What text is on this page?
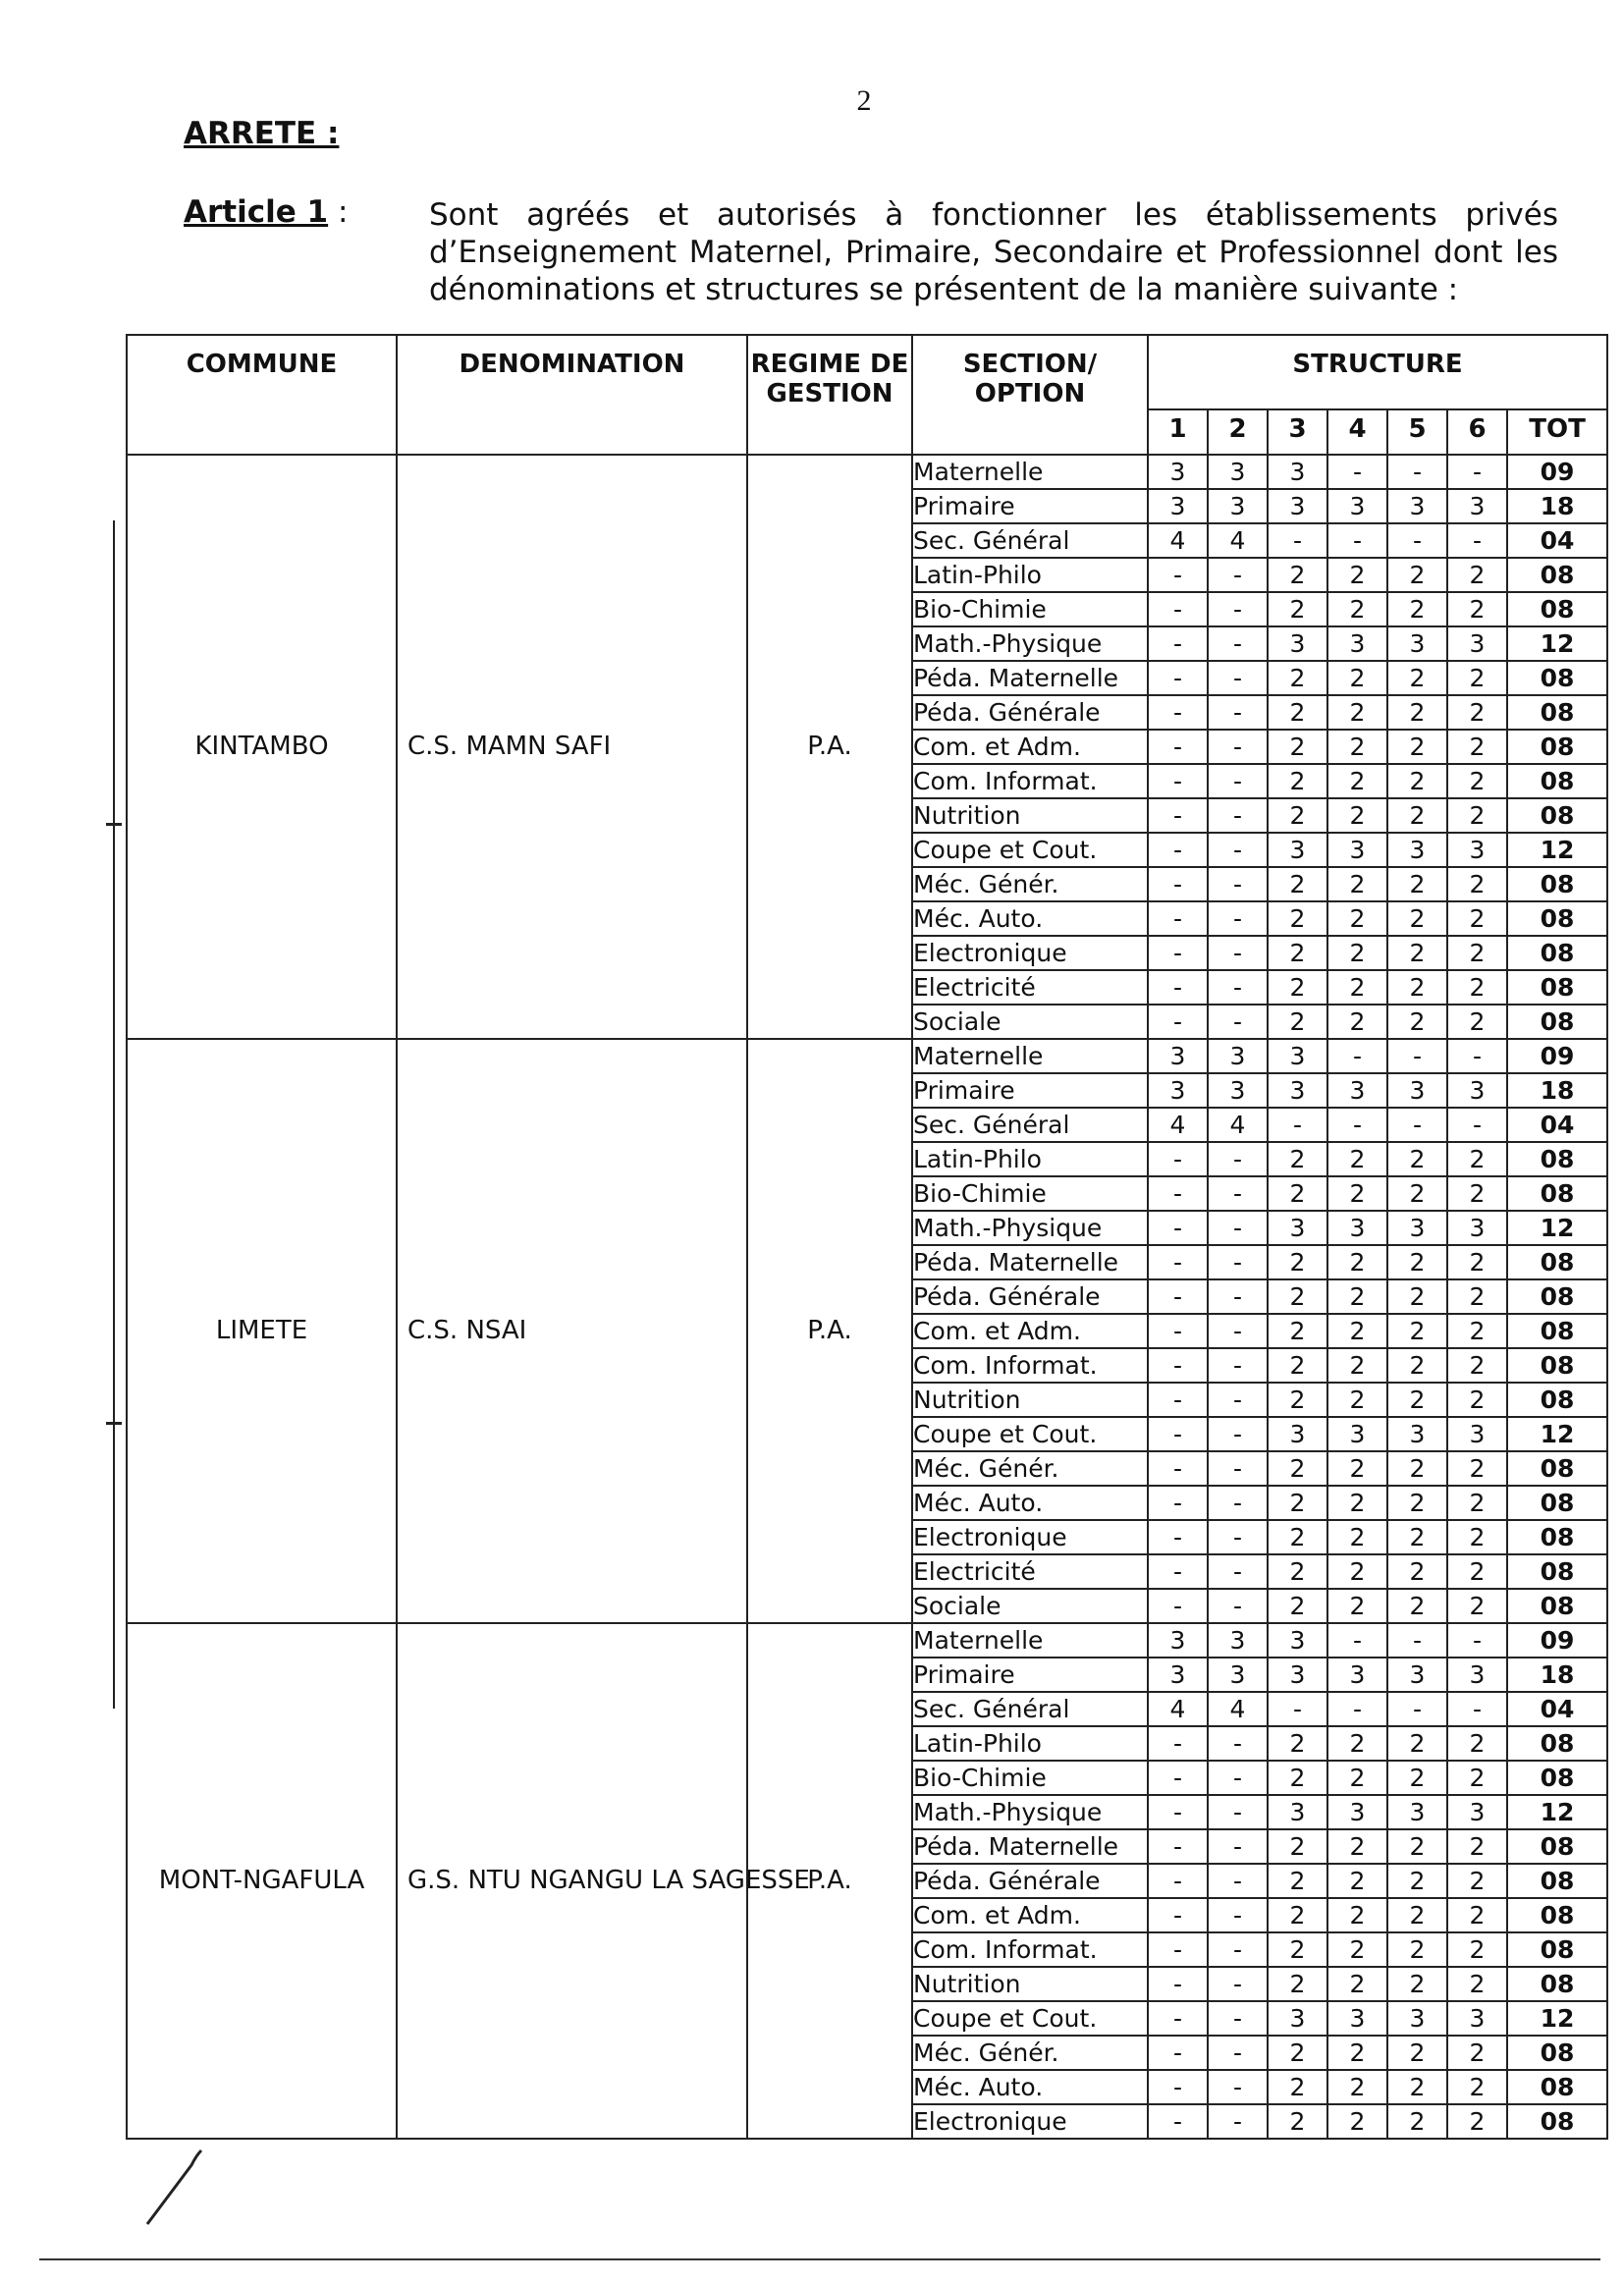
2
ARRETE :
Article 1 :	Sont agréés et autorisés à fonctionner les établissements privés d’Enseignement Maternel, Primaire, Secondaire et Professionnel dont les dénominations et structures se présentent de la manière suivante :
COMMUNE	DENOMINATION	REGIME DE GESTION	SECTION/ OPTION	STRUCTURE						
				1	2	3	4	5	6	TOT
KINTAMBO	C.S. MAMN SAFI	P.A.	Maternelle	3	3	3	-	-	-	09
			Primaire	3	3	3	3	3	3	18
			Sec. Général	4	4	-	-	-	-	04
			Latin-Philo	-	-	2	2	2	2	08
			Bio-Chimie	-	-	2	2	2	2	08
			Math.-Physique	-	-	3	3	3	3	12
			Péda. Maternelle	-	-	2	2	2	2	08
			Péda. Générale	-	-	2	2	2	2	08
			Com. et Adm.	-	-	2	2	2	2	08
			Com. Informat.	-	-	2	2	2	2	08
			Nutrition	-	-	2	2	2	2	08
			Coupe et Cout.	-	-	3	3	3	3	12
			Méc. Génér.	-	-	2	2	2	2	08
			Méc. Auto.	-	-	2	2	2	2	08
			Electronique	-	-	2	2	2	2	08
			Electricité	-	-	2	2	2	2	08
			Sociale	-	-	2	2	2	2	08
LIMETE	C.S. NSAI	P.A.	Maternelle	3	3	3	-	-	-	09
			Primaire	3	3	3	3	3	3	18
			Sec. Général	4	4	-	-	-	-	04
			Latin-Philo	-	-	2	2	2	2	08
			Bio-Chimie	-	-	2	2	2	2	08
			Math.-Physique	-	-	3	3	3	3	12
			Péda. Maternelle	-	-	2	2	2	2	08
			Péda. Générale	-	-	2	2	2	2	08
			Com. et Adm.	-	-	2	2	2	2	08
			Com. Informat.	-	-	2	2	2	2	08
			Nutrition	-	-	2	2	2	2	08
			Coupe et Cout.	-	-	3	3	3	3	12
			Méc. Génér.	-	-	2	2	2	2	08
			Méc. Auto.	-	-	2	2	2	2	08
			Electronique	-	-	2	2	2	2	08
			Electricité	-	-	2	2	2	2	08
			Sociale	-	-	2	2	2	2	08
MONT-NGAFULA	G.S. NTU NGANGU LA SAGESSE	P.A.	Maternelle	3	3	3	-	-	-	09
			Primaire	3	3	3	3	3	3	18
			Sec. Général	4	4	-	-	-	-	04
			Latin-Philo	-	-	2	2	2	2	08
			Bio-Chimie	-	-	2	2	2	2	08
			Math.-Physique	-	-	3	3	3	3	12
			Péda. Maternelle	-	-	2	2	2	2	08
			Péda. Générale	-	-	2	2	2	2	08
			Com. et Adm.	-	-	2	2	2	2	08
			Com. Informat.	-	-	2	2	2	2	08
			Nutrition	-	-	2	2	2	2	08
			Coupe et Cout.	-	-	3	3	3	3	12
			Méc. Génér.	-	-	2	2	2	2	08
			Méc. Auto.	-	-	2	2	2	2	08
			Electronique	-	-	2	2	2	2	08
